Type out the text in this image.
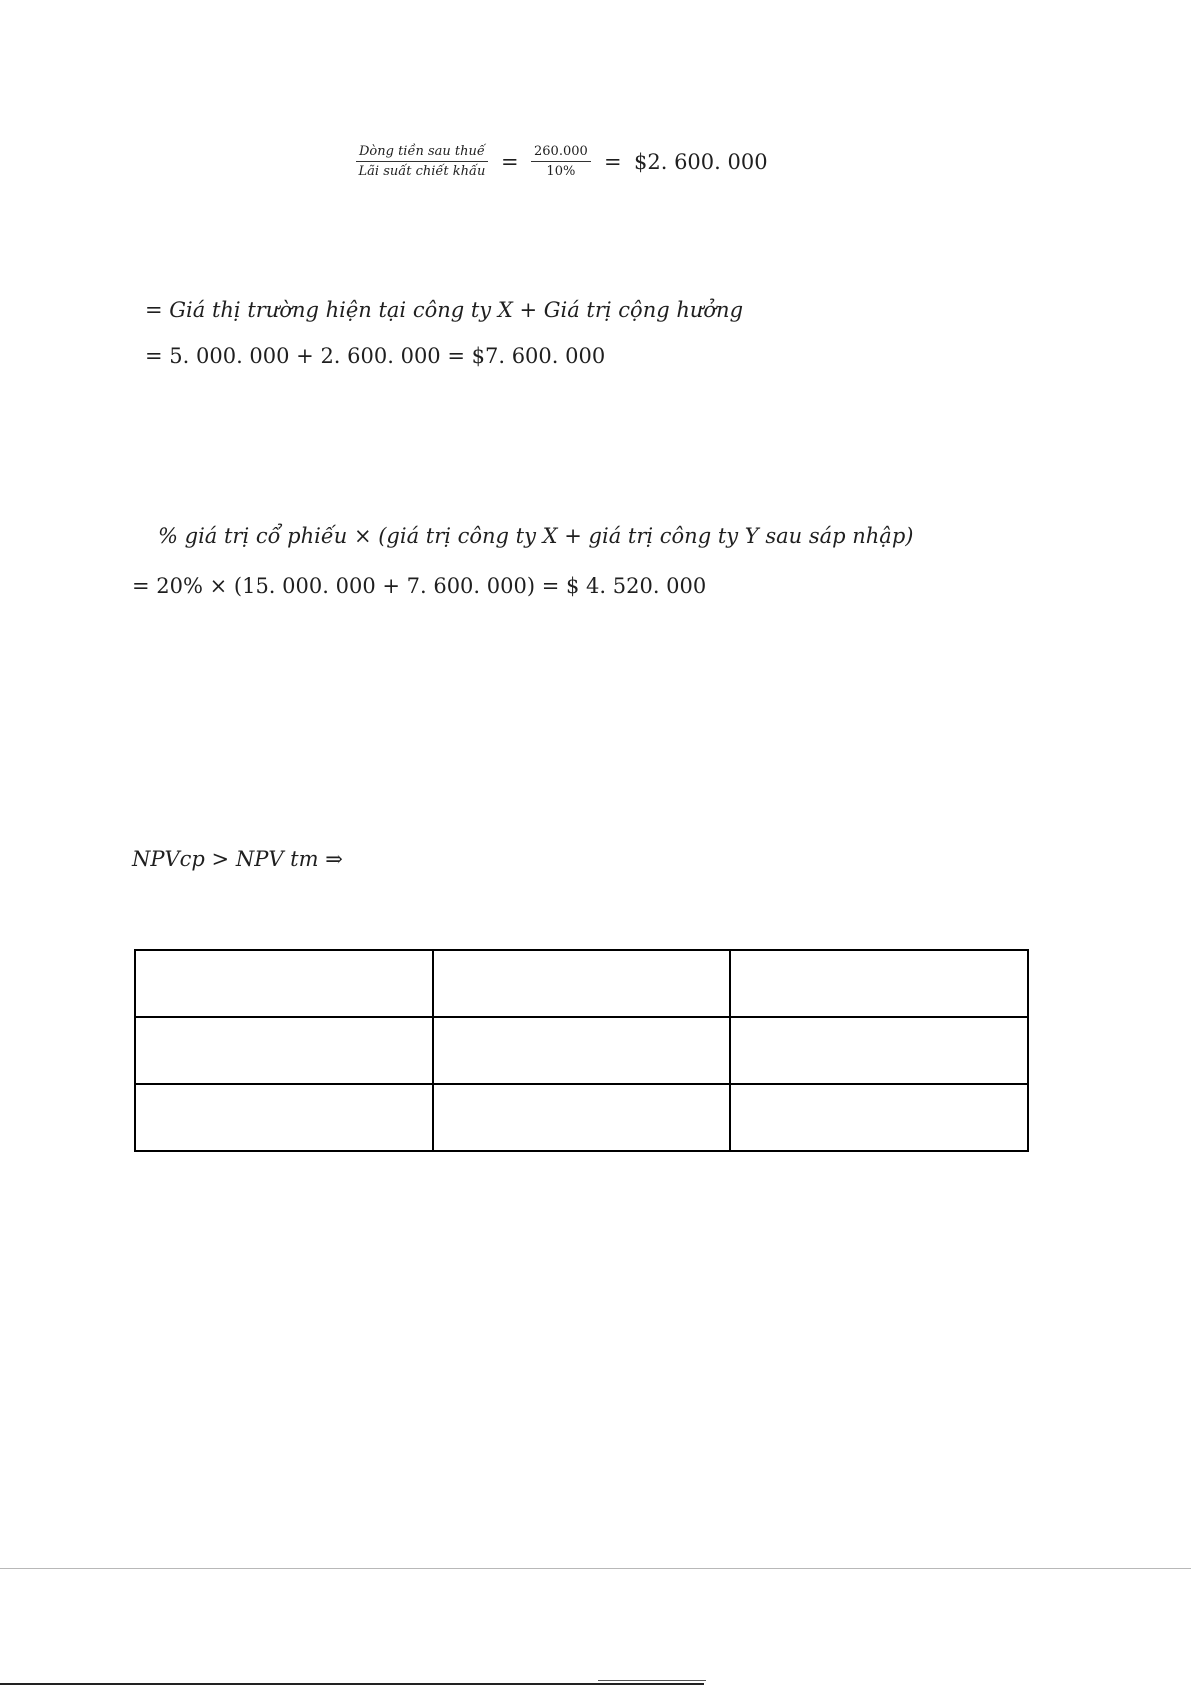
Dòng tiền sau thuế
Lãi suất chiết khấu = $\frac{260.000}{10\%}$ = $2. 600. 000
= Giá thị trường hiện tại công ty X + Giá trị cộng hưởng
= 5. 000. 000 + 2. 600. 000 = $7. 600. 000
% giá trị cổ phiếu × (giá trị công ty X + giá trị công ty Y sau sáp nhập)
= 20% × (15. 000. 000 + 7. 600. 000) = $ 4. 520. 000
NPVcp > NPV tm ⇒
